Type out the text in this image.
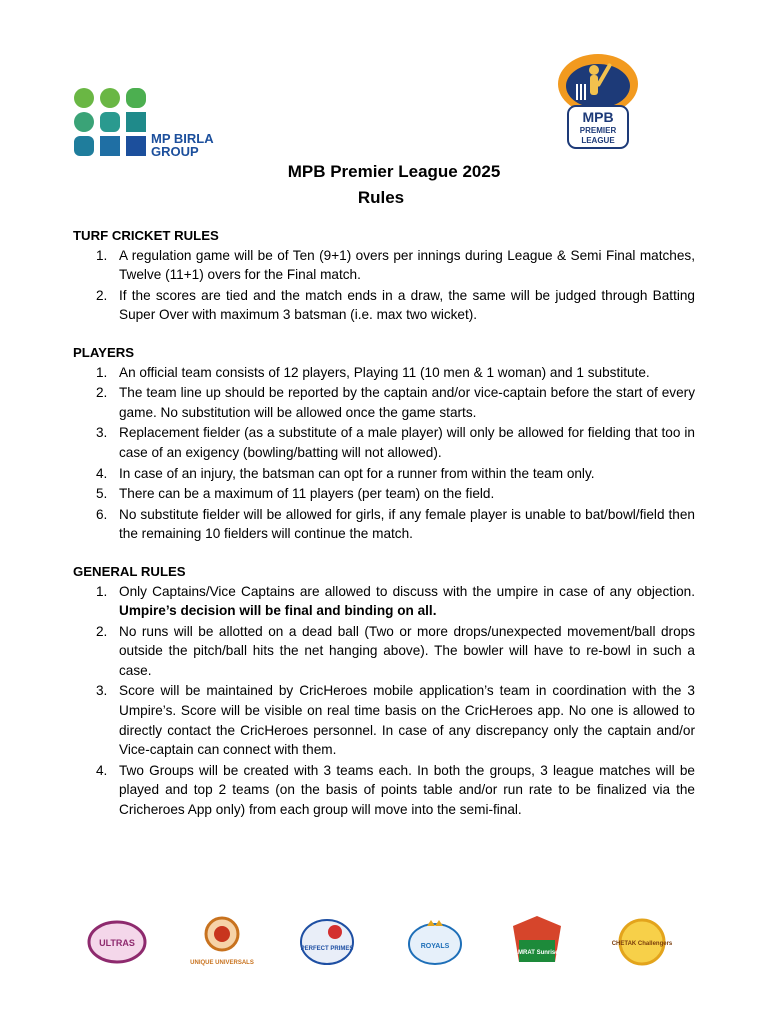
MP BIRLA
GROUP
MPB
PREMIER
LEAGUE
MPB Premier League 2025
Rules

TURF CRICKET RULES

1. A regulation game will be of Ten (9+1) overs per innings during League & Semi Final matches, Twelve (11+1) overs for the Final match.
2. If the scores are tied and the match ends in a draw, the same will be judged through Batting Super Over with maximum 3 batsman (i.e. max two wicket).

PLAYERS

1. An official team consists of 12 players, Playing 11 (10 men & 1 woman) and 1 substitute.
2. The team line up should be reported by the captain and/or vice-captain before the start of every game. No substitution will be allowed once the game starts.
3. Replacement fielder (as a substitute of a male player) will only be allowed for fielding that too in case of an exigency (bowling/batting will not allowed).
4. In case of an injury, the batsman can opt for a runner from within the team only.
5. There can be a maximum of 11 players (per team) on the field.
6. No substitute fielder will be allowed for girls, if any female player is unable to bat/bowl/field then the remaining 10 fielders will continue the match.

GENERAL RULES

1. Only Captains/Vice Captains are allowed to discuss with the umpire in case of any objection. Umpire’s decision will be final and binding on all.
2. No runs will be allotted on a dead ball (Two or more drops/unexpected movement/ball drops outside the pitch/ball hits the net hanging above). The bowler will have to re-bowl in such a case.
3. Score will be maintained by CricHeroes mobile application’s team in coordination with the 3 Umpire’s. Score will be visible on real time basis on the CricHeroes app. No one is allowed to directly contact the CricHeroes personnel. In case of any discrepancy only the captain and/or Vice-captain can connect with them.
4. Two Groups will be created with 3 teams each. In both the groups, 3 league matches will be played and top 2 teams (on the basis of points table and/or run rate to be finalized via the Cricheroes App only) from each group will move into the semi-final.
ULTRAS
UNIQUE UNIVERSALS
PERFECT PRIMES	ROYALS
SAMRAT Sunrisers
CHETAK Challengers
